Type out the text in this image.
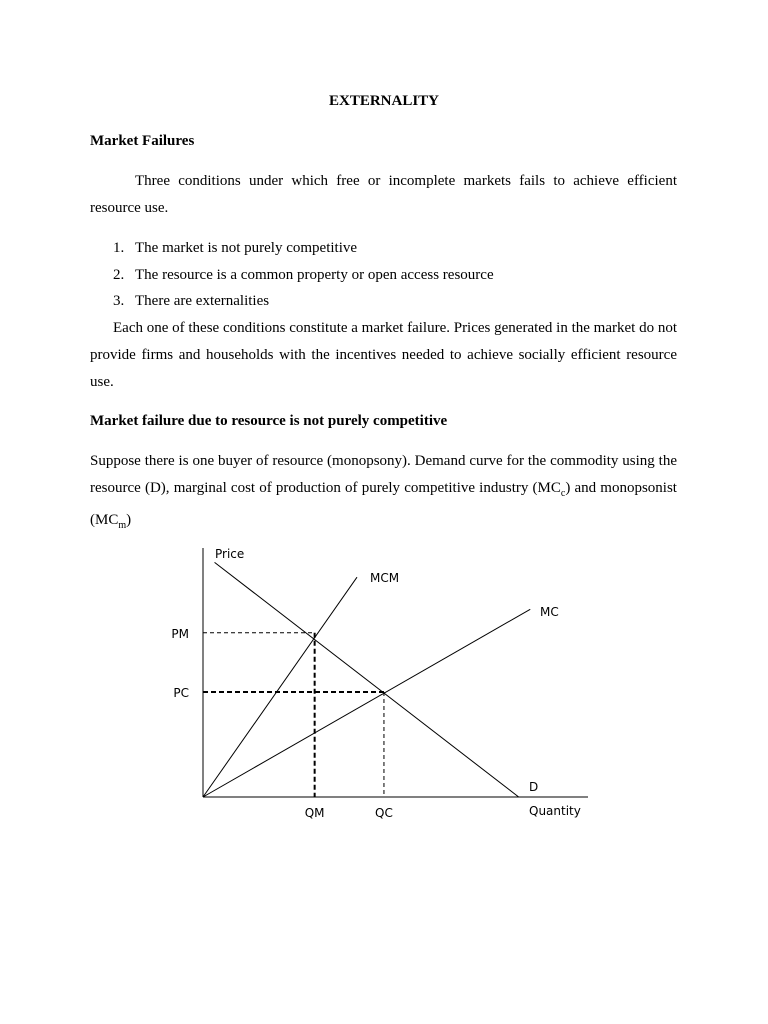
EXTERNALITY
Market Failures

Three conditions under which free or incomplete markets fails to achieve efficient resource use.

1. The market is not purely competitive
2. The resource is a common property or open access resource
3. There are externalities

Each one of these conditions constitute a market failure. Prices generated in the market do not provide firms and households with the incentives needed to achieve socially efficient resource use.

Market failure due to resource is not purely competitive

Suppose there is one buyer of resource (monopsony). Demand curve for the commodity using the resource (D), marginal cost of production of purely competitive industry $(MC_c)$ and monopsonist $(MC_m)$

Price
Quantity
MCM
MC
D
PM
PC
QM	QC
